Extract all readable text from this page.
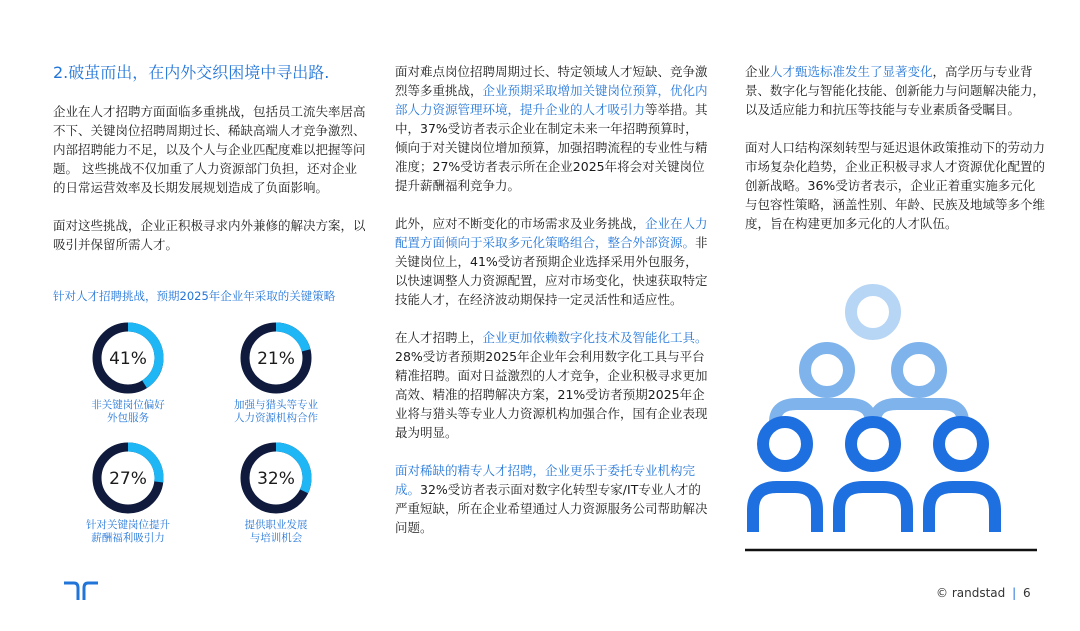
2.破茧而出，在内外交织困境中寻出路.

企业在人才招聘方面面临多重挑战，包括员工流失率居高不下、关键岗位招聘周期过长、稀缺高端人才竞争激烈、内部招聘能力不足，以及个人与企业匹配度难以把握等问题。 这些挑战不仅加重了人力资源部门负担，还对企业的日常运营效率及长期发展规划造成了负面影响。

面对这些挑战，企业正积极寻求内外兼修的解决方案，以吸引并保留所需人才。

针对人才招聘挑战，预期2025年企业年采取的关键策略
41%
非关键岗位偏好
外包服务
21%
加强与猎头等专业
人力资源机构合作
27%
针对关键岗位提升
薪酬福利吸引力
32%
提供职业发展
与培训机会

面对难点岗位招聘周期过长、特定领域人才短缺、竞争激烈等多重挑战，企业预期采取增加关键岗位预算，优化内部人力资源管理环境，提升企业的人才吸引力等举措。其中，37%受访者表示企业在制定未来一年招聘预算时，倾向于对关键岗位增加预算，加强招聘流程的专业性与精准度；27%受访者表示所在企业2025年将会对关键岗位提升薪酬福利竞争力。

此外，应对不断变化的市场需求及业务挑战，企业在人力配置方面倾向于采取多元化策略组合，整合外部资源。非关键岗位上，41%受访者预期企业选择采用外包服务，以快速调整人力资源配置，应对市场变化，快速获取特定技能人才，在经济波动期保持一定灵活性和适应性。

在人才招聘上，企业更加依赖数字化技术及智能化工具。28%受访者预期2025年企业年会利用数字化工具与平台精准招聘。面对日益激烈的人才竞争，企业积极寻求更加高效、精准的招聘解决方案，21%受访者预期2025年企业将与猎头等专业人力资源机构加强合作，国有企业表现最为明显。

面对稀缺的精专人才招聘，企业更乐于委托专业机构完成。32%受访者表示面对数字化转型专家/IT专业人才的严重短缺，所在企业希望通过人力资源服务公司帮助解决问题。

企业人才甄选标准发生了显著变化，高学历与专业背景、数字化与智能化技能、创新能力与问题解决能力，以及适应能力和抗压等技能与专业素质备受瞩目。

面对人口结构深刻转型与延迟退休政策推动下的劳动力市场复杂化趋势，企业正积极寻求人才资源优化配置的创新战略。36%受访者表示，企业正着重实施多元化与包容性策略，涵盖性别、年龄、民族及地域等多个维度，旨在构建更加多元化的人才队伍。

© randstad | 6
